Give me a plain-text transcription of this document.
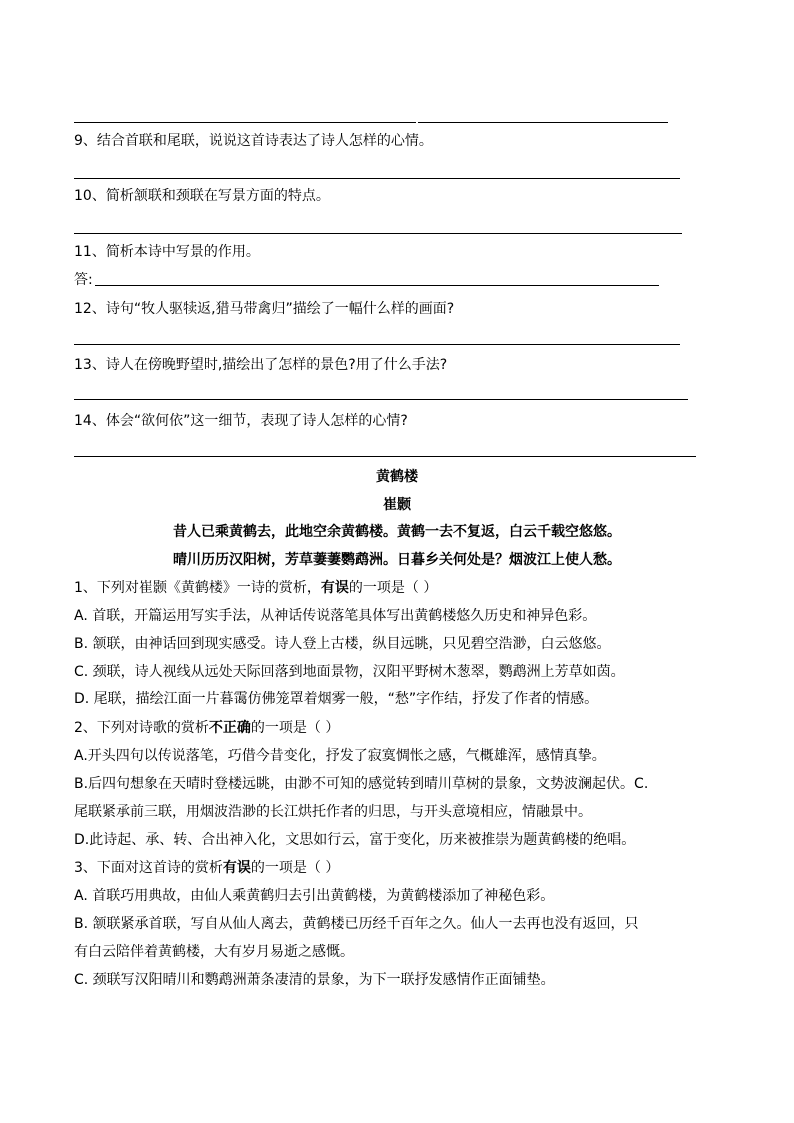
9、结合首联和尾联，说说这首诗表达了诗人怎样的心情。
10、简析颔联和颈联在写景方面的特点。
11、简析本诗中写景的作用。
答:
12、诗句“牧人驱犊返,猎马带禽归”描绘了一幅什么样的画面?
13、诗人在傍晚野望时,描绘出了怎样的景色?用了什么手法?
14、体会“欲何依”这一细节，表现了诗人怎样的心情?
黄鹤楼
崔颢
昔人已乘黄鹤去，此地空余黄鹤楼。黄鹤一去不复返，白云千载空悠悠。
晴川历历汉阳树，芳草萋萋鹦鹉洲。日暮乡关何处是？烟波江上使人愁。
1、下列对崔颢《黄鹤楼》一诗的赏析，有误的一项是（ ）
A. 首联，开篇运用写实手法，从神话传说落笔具体写出黄鹤楼悠久历史和神异色彩。
B. 颔联，由神话回到现实感受。诗人登上古楼，纵目远眺，只见碧空浩渺，白云悠悠。
C. 颈联，诗人视线从远处天际回落到地面景物，汉阳平野树木葱翠，鹦鹉洲上芳草如茵。
D. 尾联，描绘江面一片暮霭仿佛笼罩着烟雾一般，“愁”字作结，抒发了作者的情感。
2、下列对诗歌的赏析不正确的一项是（ ）
A.开头四句以传说落笔，巧借今昔变化，抒发了寂寞惆怅之感，气概雄浑，感情真挚。
B.后四句想象在天晴时登楼远眺，由渺不可知的感觉转到晴川草树的景象，文势波澜起伏。C.
尾联紧承前三联，用烟波浩渺的长江烘托作者的归思，与开头意境相应，情融景中。
D.此诗起、承、转、合出神入化，文思如行云，富于变化，历来被推崇为题黄鹤楼的绝唱。
3、下面对这首诗的赏析有误的一项是（ ）
A. 首联巧用典故，由仙人乘黄鹤归去引出黄鹤楼，为黄鹤楼添加了神秘色彩。
B. 颔联紧承首联，写自从仙人离去，黄鹤楼已历经千百年之久。仙人一去再也没有返回，只
有白云陪伴着黄鹤楼，大有岁月易逝之感慨。
C. 颈联写汉阳晴川和鹦鹉洲萧条凄清的景象，为下一联抒发感情作正面铺垫。
